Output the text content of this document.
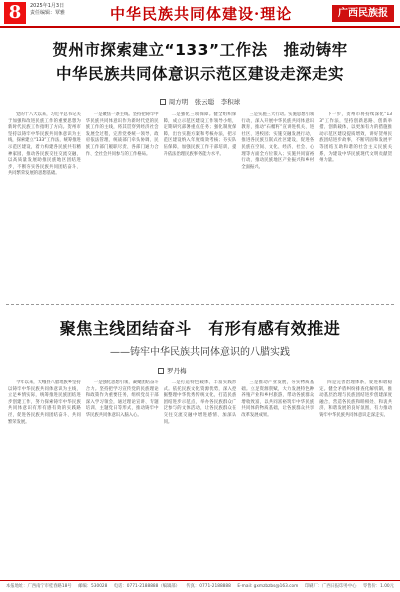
8	2025年1月3日
责任编辑：覃雅	中华民族共同体建设·理论	广西民族报
贺州市探索建立“133”工作法　推动铸牢
中华民族共同体意识示范区建设走深走实
周方明　张云聪　李积球

党的十八大以来，习近平总书记关于加强和改进民族工作的重要思想为新时代民族工作指明了方向。贺州市坚持以铸牢中华民族共同体意识为主线，探索建立“133”工作法，统筹推进示范区建设，着力构建各民族共有精神家园，推动各民族交往交流交融，以高质量发展助推民族地区团结进步，不断夯实各民族共同团结奋斗、共同繁荣发展的思想基础。

一是聚焦一条主线。坚持把铸牢中华民族共同体意识作为新时代党的民族工作的主线，将其贯穿到经济社会发展全过程，完善党委统一领导、政府依法管理、统战部门牵头协调、民族工作部门履职尽责、各部门通力合作、全社会共同参与的工作格局。

二是强化三项保障。健全组织保障，成立示范区建设工作领导小组，定期研究部署重点任务；强化制度保障，出台实施方案和考核办法，把示范区建设纳入年度绩效考核；夯实队伍保障，加强民族工作干部培训，提升依法治理民族事务能力水平。

三是实施三大行动。实施思想引领行动，深入开展中华民族共同体意识教育，推动“石榴籽”宣讲进机关、进社区、进校园；实施交融发展行动，推进各民族互嵌式社区建设，促进各民族在空间、文化、经济、社会、心理等方面全方位嵌入；实施共同富裕行动，推动民族地区产业振兴和乡村全面振兴。

下一步，贺州市将持续深化“133”工作法，坚持创新思路、创新举措、创新载体，以更加有力的措施推动示范区建设提质增效，讲好贺州民族团结进步故事，不断巩固和发展平等团结互助和谐的社会主义民族关系，为建设中华民族现代文明贡献贺州力量。

聚焦主线团结奋斗　有形有感有效推进
——铸牢中华民族共同体意识的八腊实践
罗丹梅

今年以来，天峨县八腊瑶族乡坚持以铸牢中华民族共同体意识为主线，立足乡情实际，统筹推进民族团结进步创建工作，努力探索铸牢中华民族共同体意识有形有感有效的实践路径，促进各民族共同团结奋斗、共同繁荣发展。

一是强化思想引领，凝聚团结奋斗合力。坚持把学习宣传党的民族理论和政策作为重要任务，组织党员干部深入学习领会，通过理论宣讲、专题培训、主题党日等形式，推动铸牢中华民族共同体意识入脑入心。

二是打造特色载体，丰富实践形式。依托民族文化资源优势，深入挖掘整理中华优秀传统文化，打造民族团结进步示范点，举办各民族群众广泛参与的文体活动，让各民族群众在交往交流交融中增进感情、加深认同。

三是推动产业发展，夯实物质基础。立足资源禀赋，大力发展特色种养殖产业和乡村旅游，带动各族群众增收致富，以共同富裕筑牢中华民族共同体的物质基础，让各族群众共享改革发展成果。

四是完善治理体系，促进和谐稳定。健全矛盾纠纷排查化解机制，推动基层治理与民族团结进步创建深度融合，营造各民族和睦相处、和衷共济、和谐发展的良好氛围，有力推动铸牢中华民族共同体意识走深走实。

本报地址：广西南宁市桂春路18号 邮编：530028 电话：0771-2188888（编辑部） 传真：0771-2188888 E-mail: gxmzbzbs@163.com 印刷厂：广西日报印务中心 零售价：1.00元
